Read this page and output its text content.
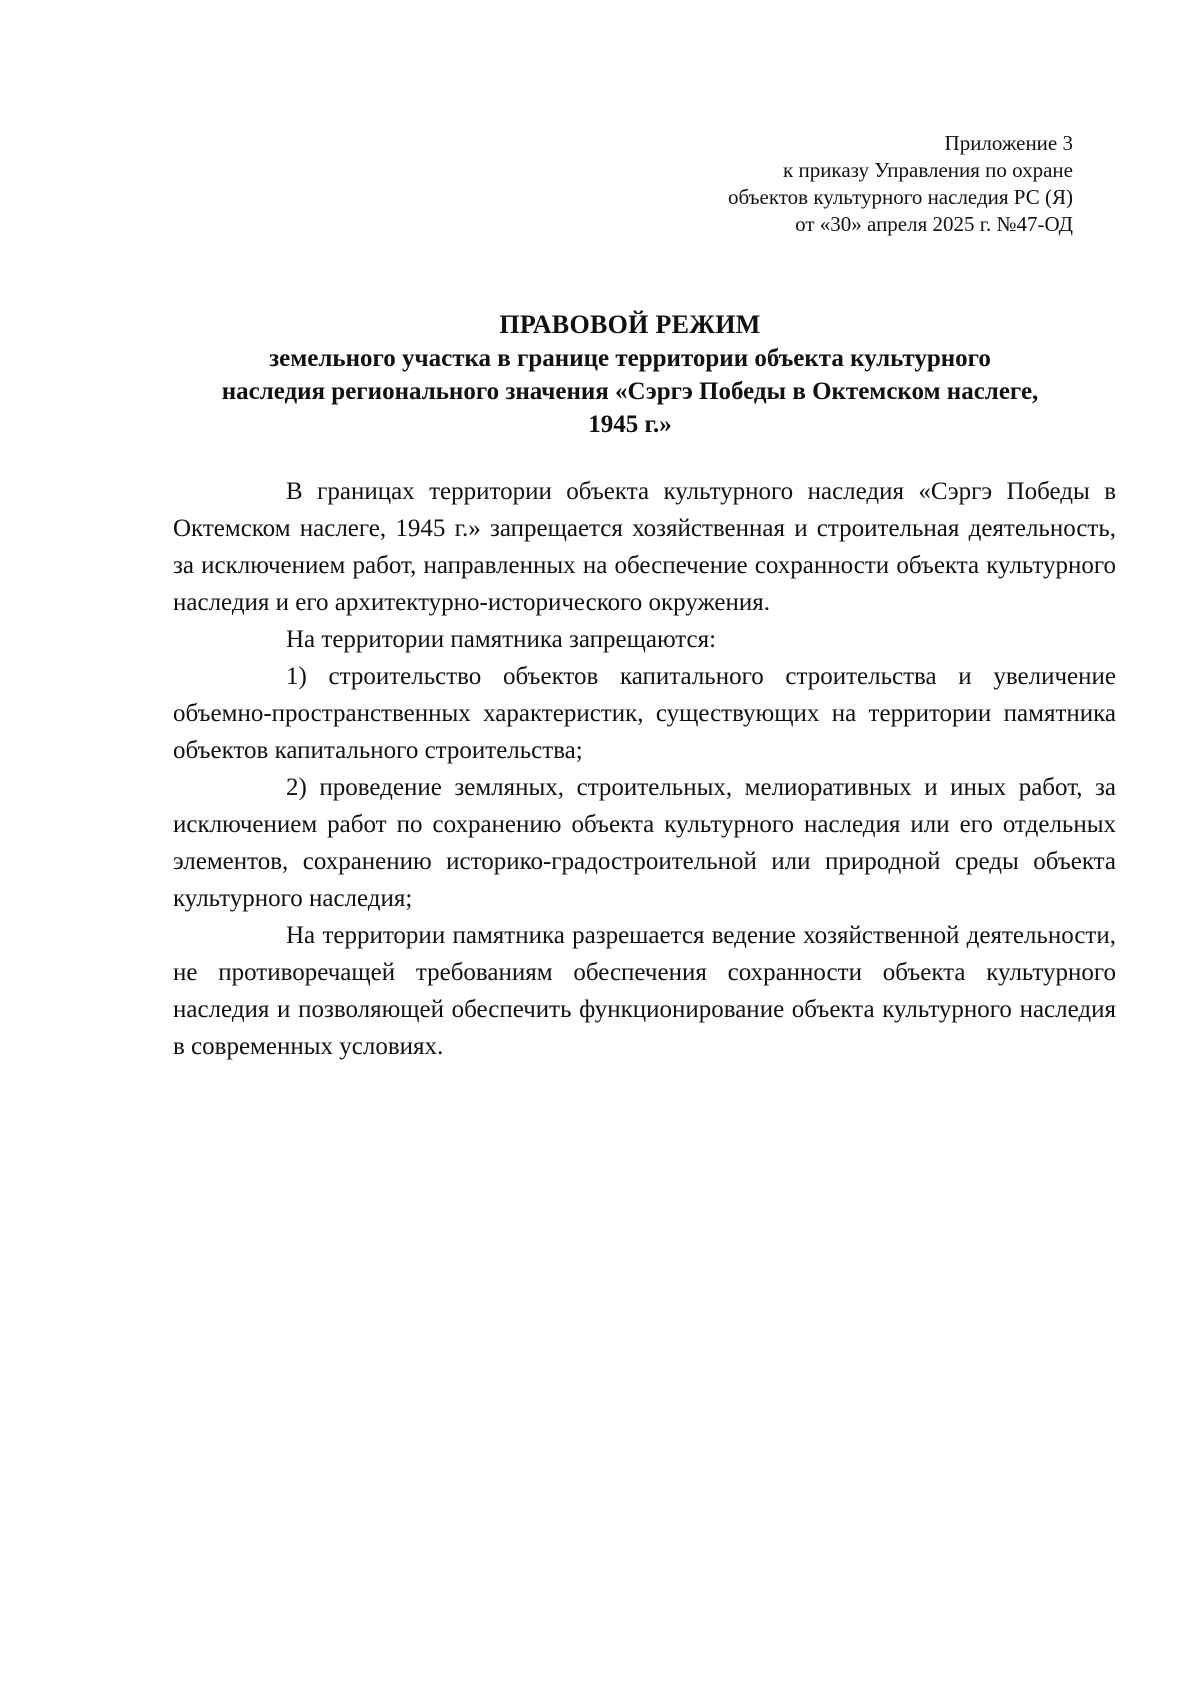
Приложение 3
к приказу Управления по охране
объектов культурного наследия РС (Я)
от «30» апреля 2025 г. №47-ОД
ПРАВОВОЙ РЕЖИМ
земельного участка в границе территории объекта культурного
наследия регионального значения «Сэргэ Победы в Октемском наслеге,
1945 г.»

В границах территории объекта культурного наследия «Сэргэ Победы в Октемском наслеге, 1945 г.» запрещается хозяйственная и строительная деятельность, за исключением работ, направленных на обеспечение сохранности объекта культурного наследия и его архитектурно-исторического окружения.

На территории памятника запрещаются:

1) строительство объектов капитального строительства и увеличение объемно-пространственных характеристик, существующих на территории памятника объектов капитального строительства;

2) проведение земляных, строительных, мелиоративных и иных работ, за исключением работ по сохранению объекта культурного наследия или его отдельных элементов, сохранению историко-градостроительной или природной среды объекта культурного наследия;

На территории памятника разрешается ведение хозяйственной деятельности, не противоречащей требованиям обеспечения сохранности объекта культурного наследия и позволяющей обеспечить функционирование объекта культурного наследия в современных условиях.
